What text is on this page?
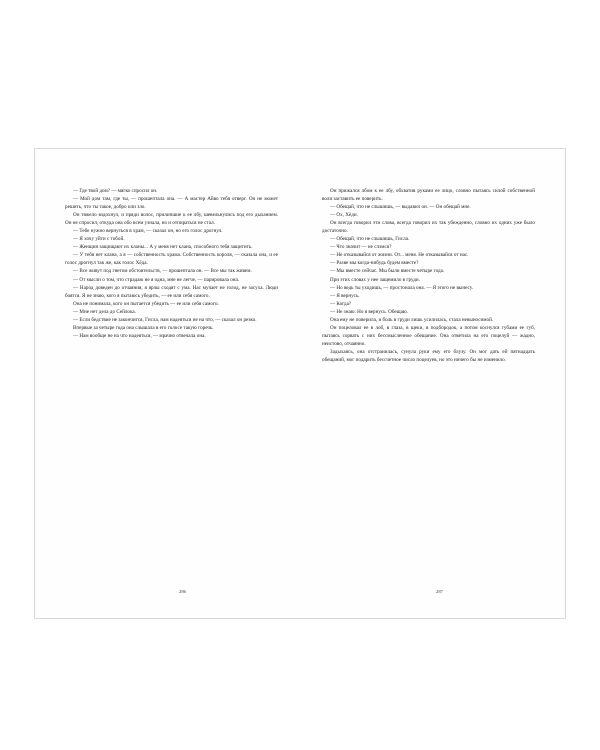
— Где твой дом? — мягко спросил он.

— Мой дом там, где ты, — прошептала она. — А мастер Айво тебя отверг. Он не может решить, что ты такое, добро или зло.

Он тяжело вздохнул, и пряди волос, прилипшие к ее лбу, шевельнулись под его дыханием. Он не спросил, откуда она обо всем узнала, но и отпираться не стал.

— Тебе нужно вернуться в храм, — сказал он, но его голос дрогнул.

— Я хочу уйти с тобой.

— Женщин защищают их кланы... А у меня нет клана, способного тебя защитить.

— У тебя нет клана, а я — собственность храма. Собственность короля, — сказала она, и ее голос дрогнул так же, как голос Хёда.

— Все живут под гнетом обстоятельств, — прошептала он. — Все мы так живем.

— От мысли о том, что страдаю не я одна, мне не легче, — парировала она.

— Народ доведен до отчаяния, я ярлы сходят с ума. Нас мучает не голод, не засуха. Люди боятся. Я не знаю, кого я пытаюсь убедить, — ее или себя самого.

Она не понимала, кого он пытается убедить — ее или себя самого.

— Мне нет дела до Сейлока.

— Если бедствие не закончится, Гисла, нам надеяться не на что, — сказал он резко.

Впервые за четыре года она слышала в его голосе такую горечь.

— Нам вообще не на что надеяться, — мрачно отвечала она.

286

Он прижался лбом к ее лбу, обхватив руками ее лицо, словно пытаясь силой собственной воли заставить ее поверить.

— Обещай, что не слышишь, — выдавил он. — Он обещай мне.

— Ох, Хёди.

Он всегда говорил эти слова, всегда говорил их так убежденно, словно их одних уже было достаточно.

— Обещай, что не слышишь, Гисла.

— Что значит — не слэмся?

— Не отказывайся от жизни. От... меня. Не отказывайся от нас.

— Разве мы когда-нибудь будем вместе?

— Мы вместе сейчас. Мы были вместе четыре года.

При этих словах у нее защемило в груди.

— Но ведь ты уходишь, — простонала она. — Я этого не вынесу.

— Я вернусь.

— Когда?

— Не знаю. Но я вернусь. Обещаю.

Она ему не поверила, и боль в груди лишь усилилась, стала невыносимой.

Он поцеловал ее в лоб, в глаза, в щеки, в подбородок, а потом коснулся губами ее губ, пытаясь сорвать с них бессмысленное обещание. Она ответила на его поцелуй — жадно, неистово, отчаянно.

Задыхаясь, она отстранилась, сунула руки ему его блузу. Он мог дать ей пятнадцать обещаний, мог подарить бессчетное число поцелуев, но это ничего бы не изменило.

287
